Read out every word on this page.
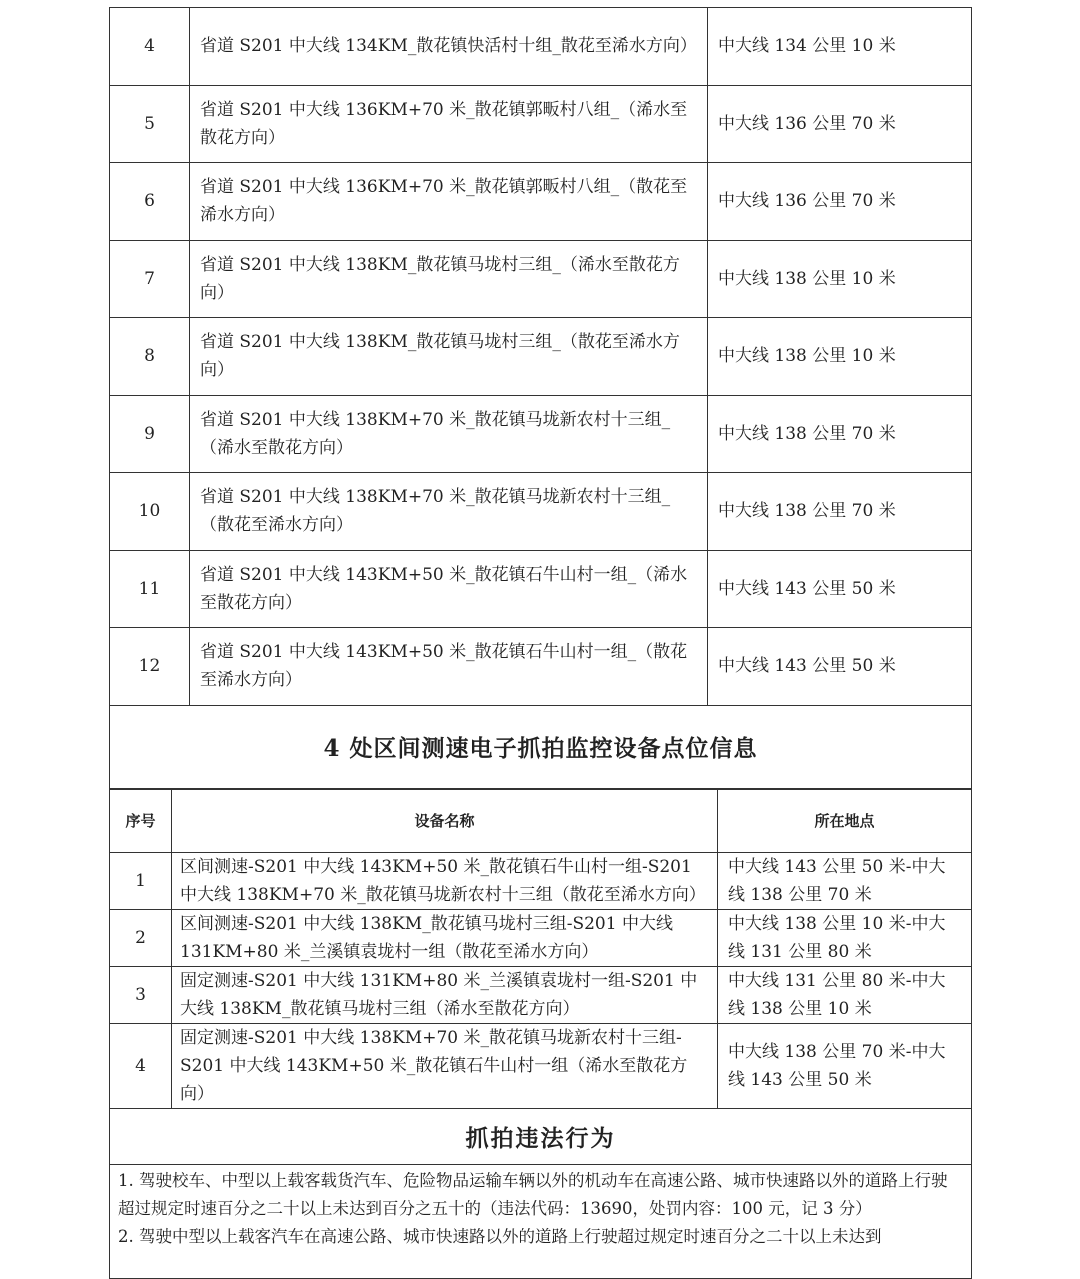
4	省道 S201 中大线 134KM_散花镇快活村十组_散花至浠水方向）	中大线 134 公里 10 米
5	省道 S201 中大线 136KM+70 米_散花镇郭畈村八组_（浠水至散花方向）	中大线 136 公里 70 米
6	省道 S201 中大线 136KM+70 米_散花镇郭畈村八组_（散花至浠水方向）	中大线 136 公里 70 米
7	省道 S201 中大线 138KM_散花镇马垅村三组_（浠水至散花方向）	中大线 138 公里 10 米
8	省道 S201 中大线 138KM_散花镇马垅村三组_（散花至浠水方向）	中大线 138 公里 10 米
9	省道 S201 中大线 138KM+70 米_散花镇马垅新农村十三组_（浠水至散花方向）	中大线 138 公里 70 米
10	省道 S201 中大线 138KM+70 米_散花镇马垅新农村十三组_（散花至浠水方向）	中大线 138 公里 70 米
11	省道 S201 中大线 143KM+50 米_散花镇石牛山村一组_（浠水至散花方向）	中大线 143 公里 50 米
12	省道 S201 中大线 143KM+50 米_散花镇石牛山村一组_（散花至浠水方向）	中大线 143 公里 50 米
4 处区间测速电子抓拍监控设备点位信息
序号	设备名称	所在地点
1	区间测速-S201 中大线 143KM+50 米_散花镇石牛山村一组-S201 中大线 138KM+70 米_散花镇马垅新农村十三组（散花至浠水方向）	中大线 143 公里 50 米-中大线 138 公里 70 米
2	区间测速-S201 中大线 138KM_散花镇马垅村三组-S201 中大线 131KM+80 米_兰溪镇袁垅村一组（散花至浠水方向）	中大线 138 公里 10 米-中大线 131 公里 80 米
3	固定测速-S201 中大线 131KM+80 米_兰溪镇袁垅村一组-S201 中大线 138KM_散花镇马垅村三组（浠水至散花方向）	中大线 131 公里 80 米-中大线 138 公里 10 米
4	固定测速-S201 中大线 138KM+70 米_散花镇马垅新农村十三组-S201 中大线 143KM+50 米_散花镇石牛山村一组（浠水至散花方向）	中大线 138 公里 70 米-中大线 143 公里 50 米
抓拍违法行为

1. 驾驶校车、中型以上载客载货汽车、危险物品运输车辆以外的机动车在高速公路、城市快速路以外的道路上行驶超过规定时速百分之二十以上未达到百分之五十的（违法代码：13690，处罚内容：100 元，记 3 分）

2. 驾驶中型以上载客汽车在高速公路、城市快速路以外的道路上行驶超过规定时速百分之二十以上未达到
